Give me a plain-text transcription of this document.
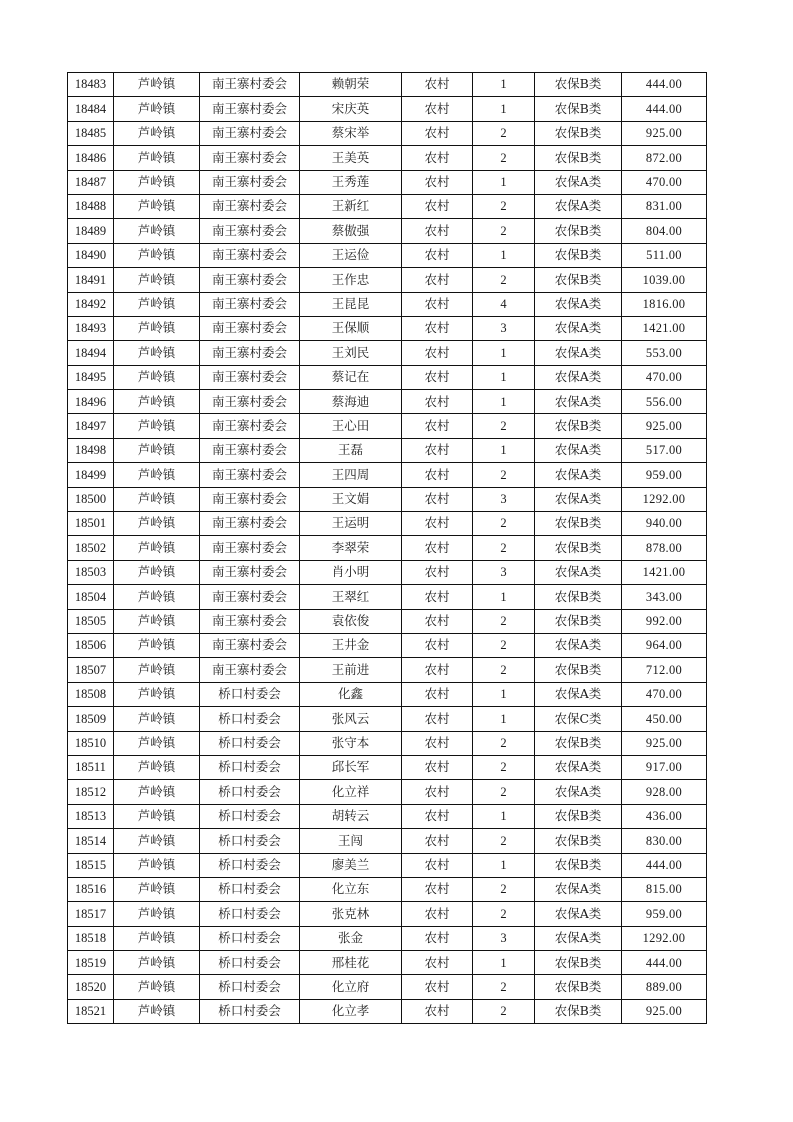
18483	芦岭镇	南王寨村委会	赖朝荣	农村	1	农保B类	444.00
18484	芦岭镇	南王寨村委会	宋庆英	农村	1	农保B类	444.00
18485	芦岭镇	南王寨村委会	蔡宋举	农村	2	农保B类	925.00
18486	芦岭镇	南王寨村委会	王美英	农村	2	农保B类	872.00
18487	芦岭镇	南王寨村委会	王秀莲	农村	1	农保A类	470.00
18488	芦岭镇	南王寨村委会	王新红	农村	2	农保A类	831.00
18489	芦岭镇	南王寨村委会	蔡傲强	农村	2	农保B类	804.00
18490	芦岭镇	南王寨村委会	王运俭	农村	1	农保B类	511.00
18491	芦岭镇	南王寨村委会	王作忠	农村	2	农保B类	1039.00
18492	芦岭镇	南王寨村委会	王昆昆	农村	4	农保A类	1816.00
18493	芦岭镇	南王寨村委会	王保顺	农村	3	农保A类	1421.00
18494	芦岭镇	南王寨村委会	王刘民	农村	1	农保A类	553.00
18495	芦岭镇	南王寨村委会	蔡记在	农村	1	农保A类	470.00
18496	芦岭镇	南王寨村委会	蔡海迪	农村	1	农保A类	556.00
18497	芦岭镇	南王寨村委会	王心田	农村	2	农保B类	925.00
18498	芦岭镇	南王寨村委会	王磊	农村	1	农保A类	517.00
18499	芦岭镇	南王寨村委会	王四周	农村	2	农保A类	959.00
18500	芦岭镇	南王寨村委会	王文娟	农村	3	农保A类	1292.00
18501	芦岭镇	南王寨村委会	王运明	农村	2	农保B类	940.00
18502	芦岭镇	南王寨村委会	李翠荣	农村	2	农保B类	878.00
18503	芦岭镇	南王寨村委会	肖小明	农村	3	农保A类	1421.00
18504	芦岭镇	南王寨村委会	王翠红	农村	1	农保B类	343.00
18505	芦岭镇	南王寨村委会	袁依俊	农村	2	农保B类	992.00
18506	芦岭镇	南王寨村委会	王井金	农村	2	农保A类	964.00
18507	芦岭镇	南王寨村委会	王前进	农村	2	农保B类	712.00
18508	芦岭镇	桥口村委会	化鑫	农村	1	农保A类	470.00
18509	芦岭镇	桥口村委会	张风云	农村	1	农保C类	450.00
18510	芦岭镇	桥口村委会	张守本	农村	2	农保B类	925.00
18511	芦岭镇	桥口村委会	邱长军	农村	2	农保A类	917.00
18512	芦岭镇	桥口村委会	化立祥	农村	2	农保A类	928.00
18513	芦岭镇	桥口村委会	胡转云	农村	1	农保B类	436.00
18514	芦岭镇	桥口村委会	王闯	农村	2	农保B类	830.00
18515	芦岭镇	桥口村委会	廖美兰	农村	1	农保B类	444.00
18516	芦岭镇	桥口村委会	化立东	农村	2	农保A类	815.00
18517	芦岭镇	桥口村委会	张克林	农村	2	农保A类	959.00
18518	芦岭镇	桥口村委会	张金	农村	3	农保A类	1292.00
18519	芦岭镇	桥口村委会	邢桂花	农村	1	农保B类	444.00
18520	芦岭镇	桥口村委会	化立府	农村	2	农保B类	889.00
18521	芦岭镇	桥口村委会	化立孝	农村	2	农保B类	925.00
